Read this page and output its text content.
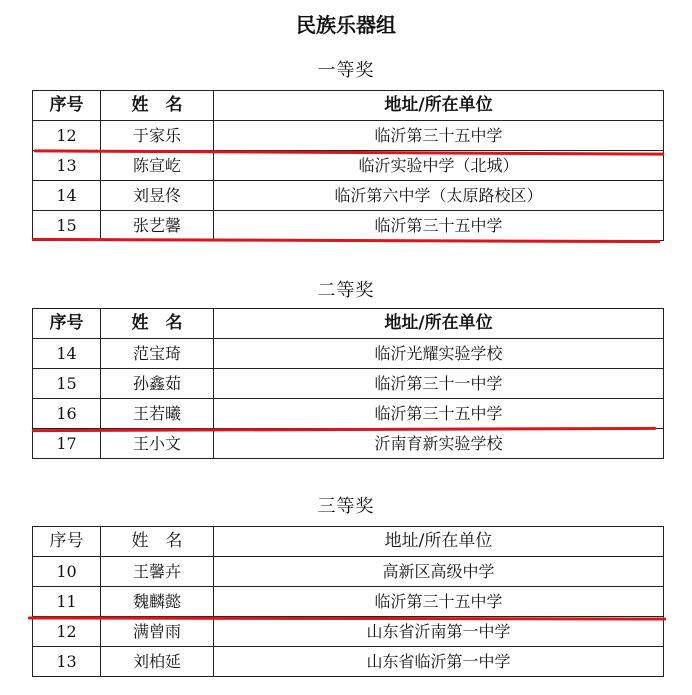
民族乐器组
一等奖
序号	姓　名	地址/所在单位
12	于家乐	临沂第三十五中学
13	陈宣屹	临沂实验中学（北城）
14	刘昱佟	临沂第六中学（太原路校区）
15	张艺馨	临沂第三十五中学
二等奖
序号	姓　名	地址/所在单位
14	范宝琦	临沂光耀实验学校
15	孙鑫茹	临沂第三十一中学
16	王若曦	临沂第三十五中学
17	王小文	沂南育新实验学校
三等奖
序号	姓　名	地址/所在单位
10	王馨卉	高新区高级中学
11	魏麟懿	临沂第三十五中学
12	满曾雨	山东省沂南第一中学
13	刘柏延	山东省临沂第一中学
